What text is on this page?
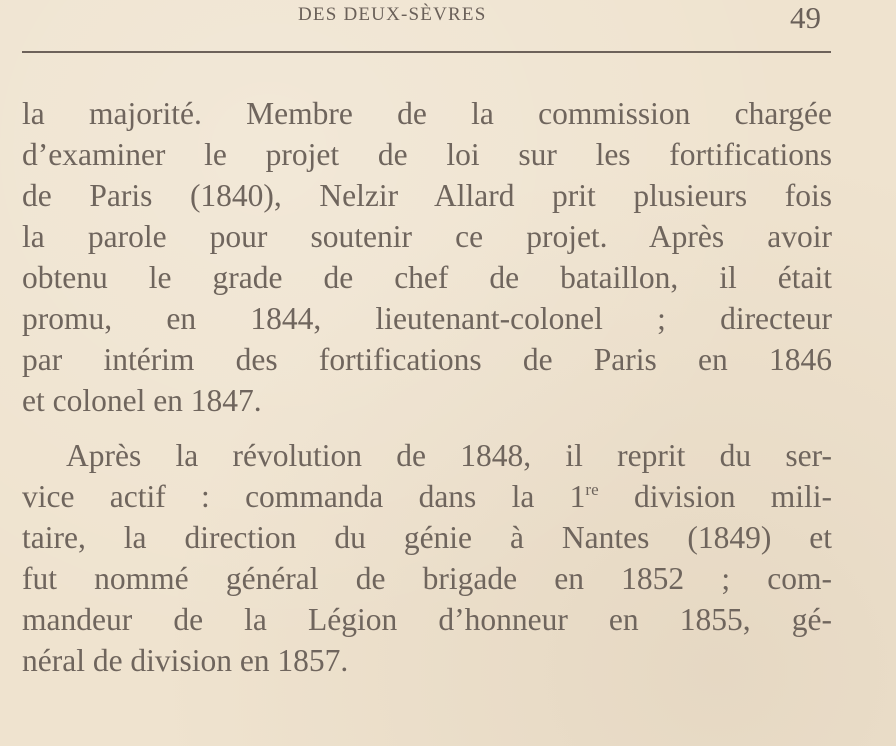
DES DEUX-SÈVRES	49
la majorité. Membre de la commission chargée
d’examiner le projet de loi sur les fortifications
de Paris (1840), Nelzir Allard prit plusieurs fois
la parole pour soutenir ce projet. Après avoir
obtenu le grade de chef de bataillon, il était
promu, en 1844, lieutenant-colonel ; directeur
par intérim des fortifications de Paris en 1846
et colonel en 1847.
Après la révolution de 1848, il reprit du ser-
vice actif : commanda dans la 1re division mili-
taire, la direction du génie à Nantes (1849) et
fut nommé général de brigade en 1852 ; com-
mandeur de la Légion d’honneur en 1855, gé-
néral de division en 1857.
